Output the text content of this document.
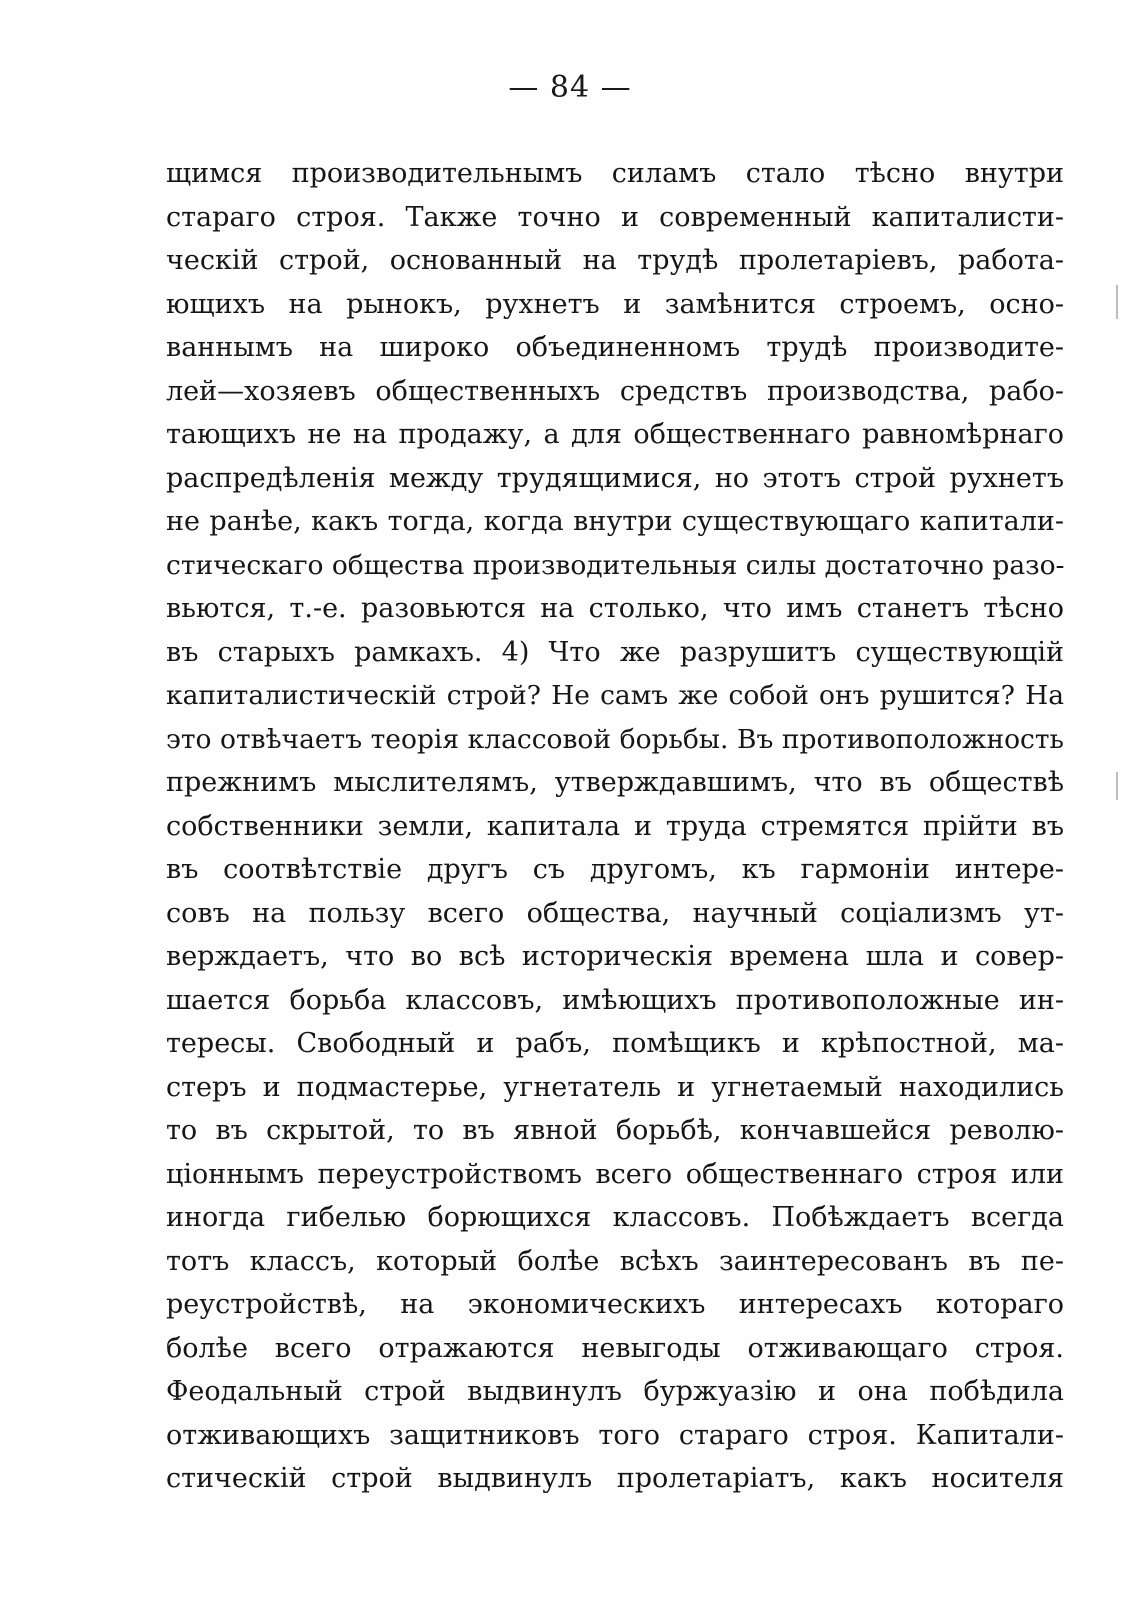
— 84 —
щимся производительнымъ силамъ стало тѣсно внутри
стараго строя. Также точно и современный капиталисти-
ческій строй, основанный на трудѣ пролетаріевъ, работа-
ющихъ на рынокъ, рухнетъ и замѣнится строемъ, осно-
ваннымъ на широко объединенномъ трудѣ производите-
лей—хозяевъ общественныхъ средствъ производства, рабо-
тающихъ не на продажу, а для общественнаго равномѣрнаго
распредѣленія между трудящимися, но этотъ строй рухнетъ
не ранѣе, какъ тогда, когда внутри существующаго капитали-
стическаго общества производительныя силы достаточно разо-
вьются, т.-е. разовьются на столько, что имъ станетъ тѣсно
въ старыхъ рамкахъ. 4) Что же разрушитъ существующій
капиталистическій строй? Не самъ же собой онъ рушится? На
это отвѣчаетъ теорія классовой борьбы. Въ противоположность
прежнимъ мыслителямъ, утверждавшимъ, что въ обществѣ
собственники земли, капитала и труда стремятся прійти въ
въ соотвѣтствіе другъ съ другомъ, къ гармоніи интере-
совъ на пользу всего общества, научный соціализмъ ут-
верждаетъ, что во всѣ историческія времена шла и совер-
шается борьба классовъ, имѣющихъ противоположные ин-
тересы. Свободный и рабъ, помѣщикъ и крѣпостной, ма-
стеръ и подмастерье, угнетатель и угнетаемый находились
то въ скрытой, то въ явной борьбѣ, кончавшейся револю-
ціоннымъ переустройствомъ всего общественнаго строя или
иногда гибелью борющихся классовъ. Побѣждаетъ всегда
тотъ классъ, который болѣе всѣхъ заинтересованъ въ пе-
реустройствѣ, на экономическихъ интересахъ котораго
болѣе всего отражаются невыгоды отживающаго строя.
Феодальный строй выдвинулъ буржуазію и она побѣдила
отживающихъ защитниковъ того стараго строя. Капитали-
стическій строй выдвинулъ пролетаріатъ, какъ носителя
